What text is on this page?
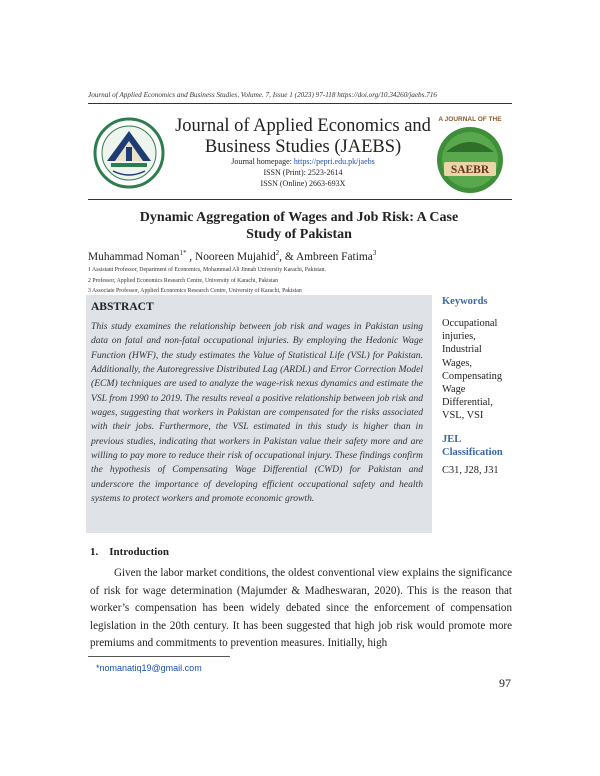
Journal of Applied Economics and Business Studies, Volume. 7, Issue 1 (2023) 97-118 https://doi.org/10.34260/jaebs.716
Journal of Applied Economics and
Business Studies (JAEBS)
Journal homepage: https://pepri.edu.pk/jaebs
ISSN (Print): 2523-2614
ISSN (Online) 2663-693X
A JOURNAL OF THE
SAEBR
Dynamic Aggregation of Wages and Job Risk: A Case
Study of Pakistan
Muhammad Noman$^{1*}$ , Nooreen Mujahid$^2$, & Ambreen Fatima$^3$
1 Assistant Professor, Department of Economics, Mohammad Ali Jinnah University Karachi, Pakistan.
2 Professor, Applied Economics Research Centre, University of Karachi, Pakistan
3 Associate Professor, Applied Economics Research Centre, University of Karachi, Pakistan
ABSTRACT
This study examines the relationship between job risk and wages in Pakistan using data on fatal and non-fatal occupational injuries. By employing the Hedonic Wage Function (HWF), the study estimates the Value of Statistical Life (VSL) for Pakistan. Additionally, the Autoregressive Distributed Lag (ARDL) and Error Correction Model (ECM) techniques are used to analyze the wage-risk nexus dynamics and estimate the VSL from 1990 to 2019. The results reveal a positive relationship between job risk and wages, suggesting that workers in Pakistan are compensated for the risks associated with their jobs. Furthermore, the VSL estimated in this study is higher than in previous studies, indicating that workers in Pakistan value their safety more and are willing to pay more to reduce their risk of occupational injury. These findings confirm the hypothesis of Compensating Wage Differential (CWD) for Pakistan and underscore the importance of developing efficient occupational safety and health systems to protect workers and promote economic growth.
Keywords
Occupational
injuries,
Industrial
Wages,
Compensating
Wage
Differential,
VSL, VSI
JEL Classification
C31, J28, J31
1. Introduction
Given the labor market conditions, the oldest conventional view explains the significance of risk for wage determination (Majumder & Madheswaran, 2020). This is the reason that worker’s compensation has been widely debated since the enforcement of compensation legislation in the 20th century. It has been suggested that high job risk would promote more premiums and commitments to prevention measures. Initially, high
*nomanatiq19@gmail.com
97
